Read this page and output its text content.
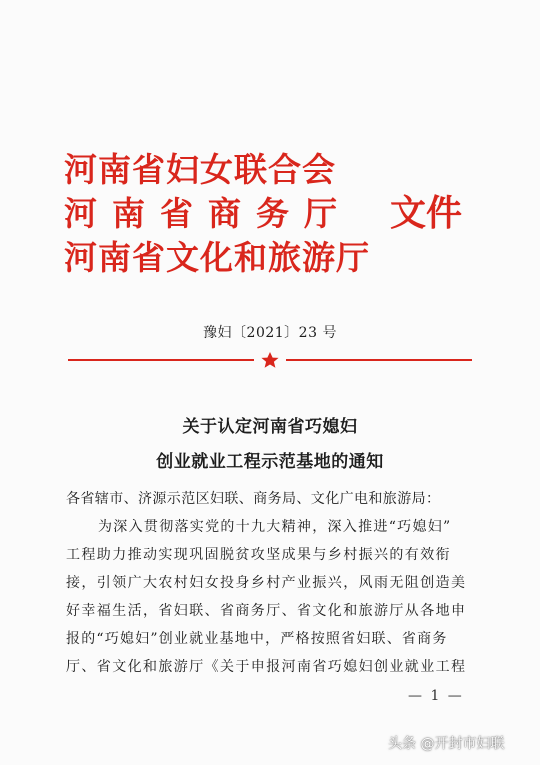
河南省妇女联合会
河南省商务厅
河南省文化和旅游厅
文件
豫妇〔2021〕23 号
关于认定河南省巧媳妇
创业就业工程示范基地的通知
各省辖市、济源示范区妇联、商务局、文化广电和旅游局：
为深入贯彻落实党的十九大精神，深入推进“巧媳妇”
工程助力推动实现巩固脱贫攻坚成果与乡村振兴的有效衔
接，引领广大农村妇女投身乡村产业振兴，风雨无阻创造美
好幸福生活，省妇联、省商务厅、省文化和旅游厅从各地申
报的“巧媳妇”创业就业基地中，严格按照省妇联、省商务
厅、省文化和旅游厅《关于申报河南省巧媳妇创业就业工程
— 1 —
头条 @开封市妇联
